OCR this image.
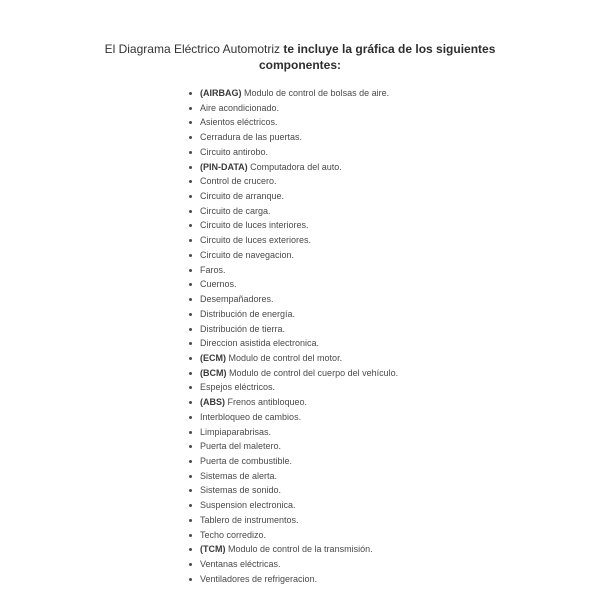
El Diagrama Eléctrico Automotriz te incluye la gráfica de los siguientes
componentes:
(AIRBAG) Modulo de control de bolsas de aire.
Aire acondicionado.
Asientos eléctricos.
Cerradura de las puertas.
Circuito antirobo.
(PIN-DATA) Computadora del auto.
Control de crucero.
Circuito de arranque.
Circuito de carga.
Circuito de luces interiores.
Circuito de luces exteriores.
Circuito de navegacion.
Faros.
Cuernos.
Desempañadores.
Distribución de energía.
Distribución de tierra.
Direccion asistida electronica.
(ECM) Modulo de control del motor.
(BCM) Modulo de control del cuerpo del vehículo.
Espejos eléctricos.
(ABS) Frenos antibloqueo.
Interbloqueo de cambios.
Limpiaparabrisas.
Puerta del maletero.
Puerta de combustible.
Sistemas de alerta.
Sistemas de sonido.
Suspension electronica.
Tablero de instrumentos.
Techo corredizo.
(TCM) Modulo de control de la transmisión.
Ventanas eléctricas.
Ventiladores de refrigeracion.
